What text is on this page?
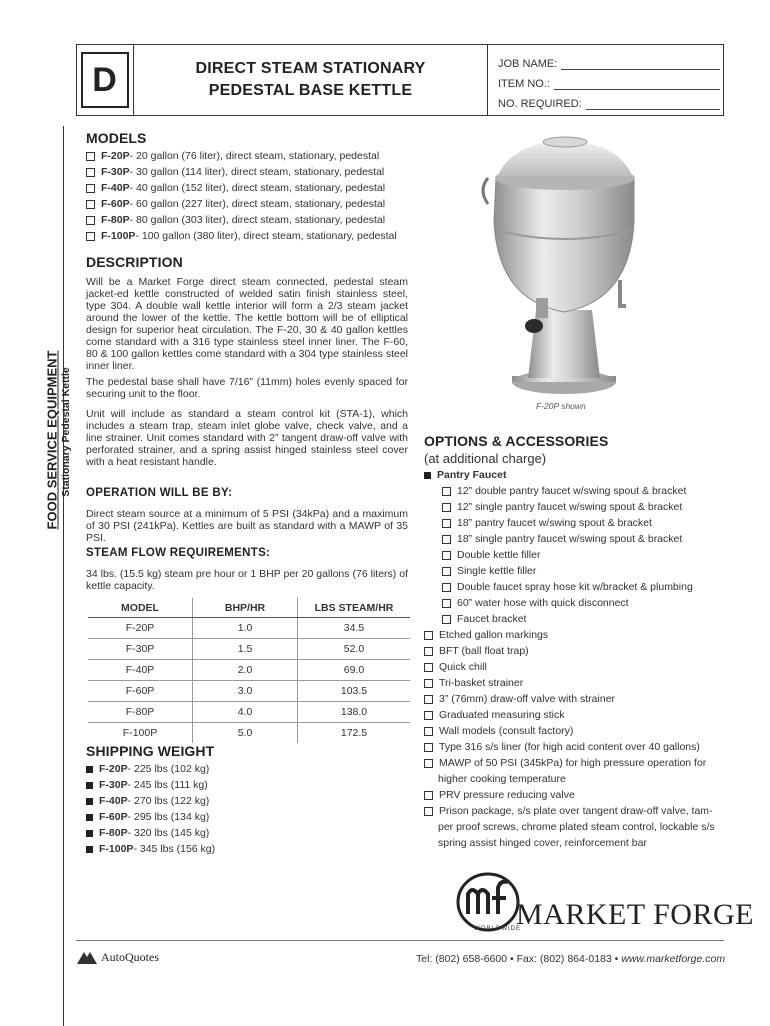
D	DIRECT STEAM STATIONARY
PEDESTAL BASE KETTLE
JOB NAME:
ITEM NO.:
NO. REQUIRED:
FOOD SERVICE EQUIPMENT Stationary Pedestal Kettle
MODELS
F-20P - 20 gallon (76 liter), direct steam, stationary, pedestal
F-30P - 30 gallon (114 liter), direct steam, stationary, pedestal
F-40P - 40 gallon (152 liter), direct steam, stationary, pedestal
F-60P - 60 gallon (227 liter), direct steam, stationary, pedestal
F-80P - 80 gallon (303 liter), direct steam, stationary, pedestal
F-100P - 100 gallon (380 liter), direct steam, stationary, pedestal
DESCRIPTION
Will be a Market Forge direct steam connected, pedestal steam jacket-ed kettle constructed of welded satin finish stainless steel, type 304. A double wall kettle interior will form a 2/3 steam jacket around the lower of the kettle. The kettle bottom will be of elliptical design for superior heat circulation. The F-20, 30 & 40 gallon kettles come standard with a 316 type stainless steel inner liner. The F-60, 80 & 100 gallon kettles come standard with a 304 type stainless steel inner liner.
The pedestal base shall have 7/16” (11mm) holes evenly spaced for securing unit to the floor.
Unit will include as standard a steam control kit (STA-1), which includes a steam trap, steam inlet globe valve, check valve, and a line strainer. Unit comes standard with 2” tangent draw-off valve with perforated strainer, and a spring assist hinged stainless steel cover with a heat resistant handle.
OPERATION WILL BE BY:
Direct steam source at a minimum of 5 PSI (34kPa) and a maximum of 30 PSI (241kPa). Kettles are built as standard with a MAWP of 35 PSI.
STEAM FLOW REQUIREMENTS:
34 lbs. (15.5 kg) steam pre hour or 1 BHP per 20 gallons (76 liters) of kettle capacity.
MODEL	BHP/HR	LBS STEAM/HR
F-20P	1.0	34.5
F-30P	1.5	52.0
F-40P	2.0	69.0
F-60P	3.0	103.5
F-80P	4.0	138.0
F-100P	5.0	172.5
SHIPPING WEIGHT
F-20P - 225 lbs (102 kg)
F-30P - 245 lbs (111 kg)
F-40P - 270 lbs (122 kg)
F-60P - 295 lbs (134 kg)
F-80P - 320 lbs (145 kg)
F-100P - 345 lbs (156 kg)
F-20P shown
OPTIONS & ACCESSORIES
(at additional charge)
Pantry Faucet
12” double pantry faucet w/swing spout & bracket
12” single pantry faucet w/swing spout & bracket
18” pantry faucet w/swing spout & bracket
18” single pantry faucet w/swing spout & bracket
Double kettle filler
Single kettle filler
Double faucet spray hose kit w/bracket & plumbing
60” water hose with quick disconnect
Faucet bracket
Etched gallon markings
BFT (ball float trap)
Quick chill
Tri-basket strainer
3” (76mm) draw-off valve with strainer
Graduated measuring stick
Wall models (consult factory)
Type 316 s/s liner (for high acid content over 40 gallons)
MAWP of 50 PSI (345kPa) for high pressure operation for
higher cooking temperature
PRV pressure reducing valve
Prison package, s/s plate over tangent draw-off valve, tam-
per proof screws, chrome plated steam control, lockable s/s
spring assist hinged cover, reinforcement bar
WORLDWIDE
MARKET FORGE
AutoQuotes	Tel: (802) 658-6600 • Fax: (802) 864-0183 • www.marketforge.com
